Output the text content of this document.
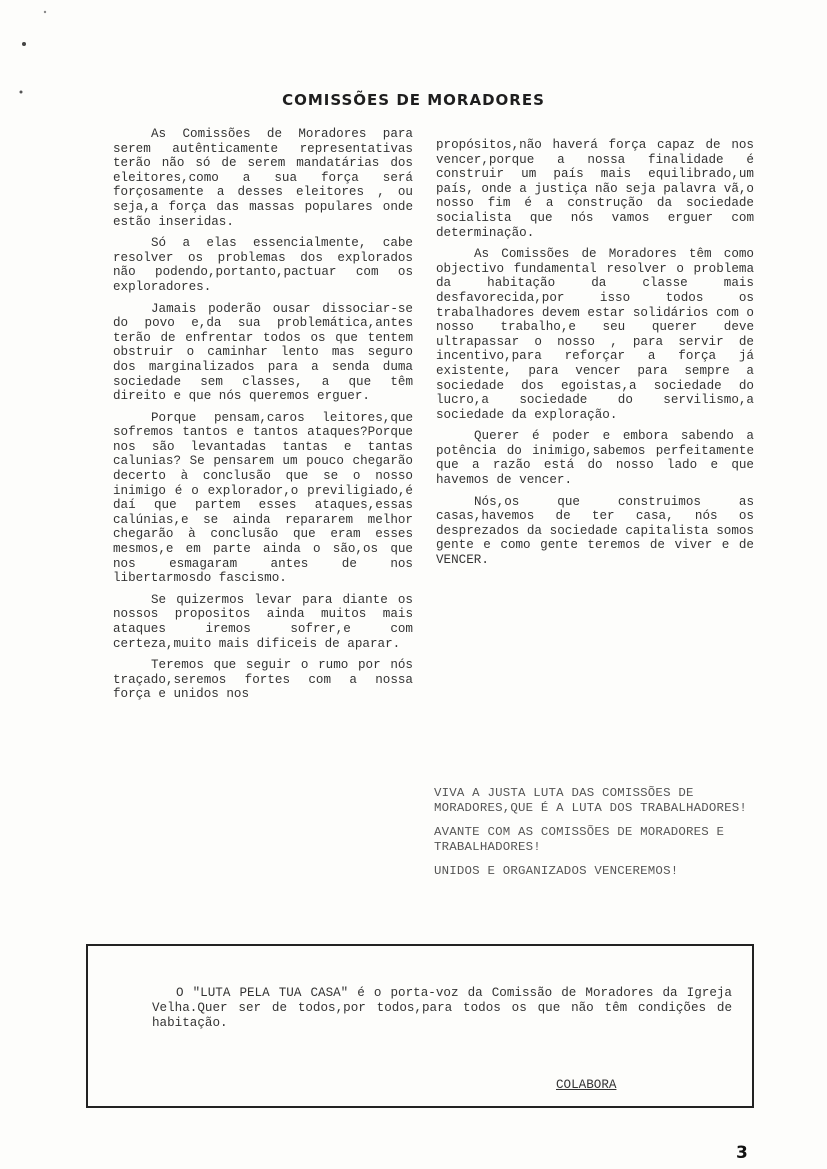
COMISSÕES DE MORADORES

As Comissões de Moradores para serem autênticamente representativas terão não só de serem mandatárias dos eleitores,como a sua força será forçosamente a desses eleitores , ou seja,a força das massas populares onde estão inseridas.

Só a elas essencialmente, cabe resolver os problemas dos explorados não podendo,portanto,pactuar com os exploradores.

Jamais poderão ousar dissociar-se do povo e,da sua problemática,antes terão de enfrentar todos os que tentem obstruir o caminhar lento mas seguro dos marginalizados para a senda duma sociedade sem classes, a que têm direito e que nós queremos erguer.

Porque pensam,caros leitores,que sofremos tantos e tantos ataques?Porque nos são levantadas tantas e tantas calunias? Se pensarem um pouco chegarão decerto à conclusão que se o nosso inimigo é o explorador,o previligiado,é daí que partem esses ataques,essas calúnias,e se ainda repararem melhor chegarão à conclusão que eram esses mesmos,e em parte ainda o são,os que nos esmagaram antes de nos libertarmosdo fascismo.

Se quizermos levar para diante os nossos propositos ainda muitos mais ataques iremos sofrer,e com certeza,muito mais dificeis de aparar.

Teremos que seguir o rumo por nós traçado,seremos fortes com a nossa força e unidos nos

propósitos,não haverá força capaz de nos vencer,porque a nossa finalidade é construir um país mais equilibrado,um país, onde a justiça não seja palavra vã,o nosso fim é a construção da sociedade socialista que nós vamos erguer com determinação.

As Comissões de Moradores têm como objectivo fundamental resolver o problema da habitação da classe mais desfavorecida,por isso todos os trabalhadores devem estar solidários com o nosso trabalho,e seu querer deve ultrapassar o nosso , para servir de incentivo,para reforçar a força já existente, para vencer para sempre a sociedade dos egoistas,a sociedade do lucro,a sociedade do servilismo,a sociedade da exploração.

Querer é poder e embora sabendo a potência do inimigo,sabemos perfeitamente que a razão está do nosso lado e que havemos de vencer.

Nós,os que construimos as casas,havemos de ter casa, nós os desprezados da sociedade capitalista somos gente e como gente teremos de viver e de VENCER.

VIVA A JUSTA LUTA DAS COMISSÕES DE MORADORES,QUE É A LUTA DOS TRABALHADORES!

AVANTE COM AS COMISSÕES DE MORADORES E TRABALHADORES!

UNIDOS E ORGANIZADOS VENCEREMOS!

O "LUTA PELA TUA CASA" é o porta-voz da Comissão de Moradores da Igreja Velha.Quer ser de todos,por todos,para todos os que não têm condições de habitação.

COLABORA

3
